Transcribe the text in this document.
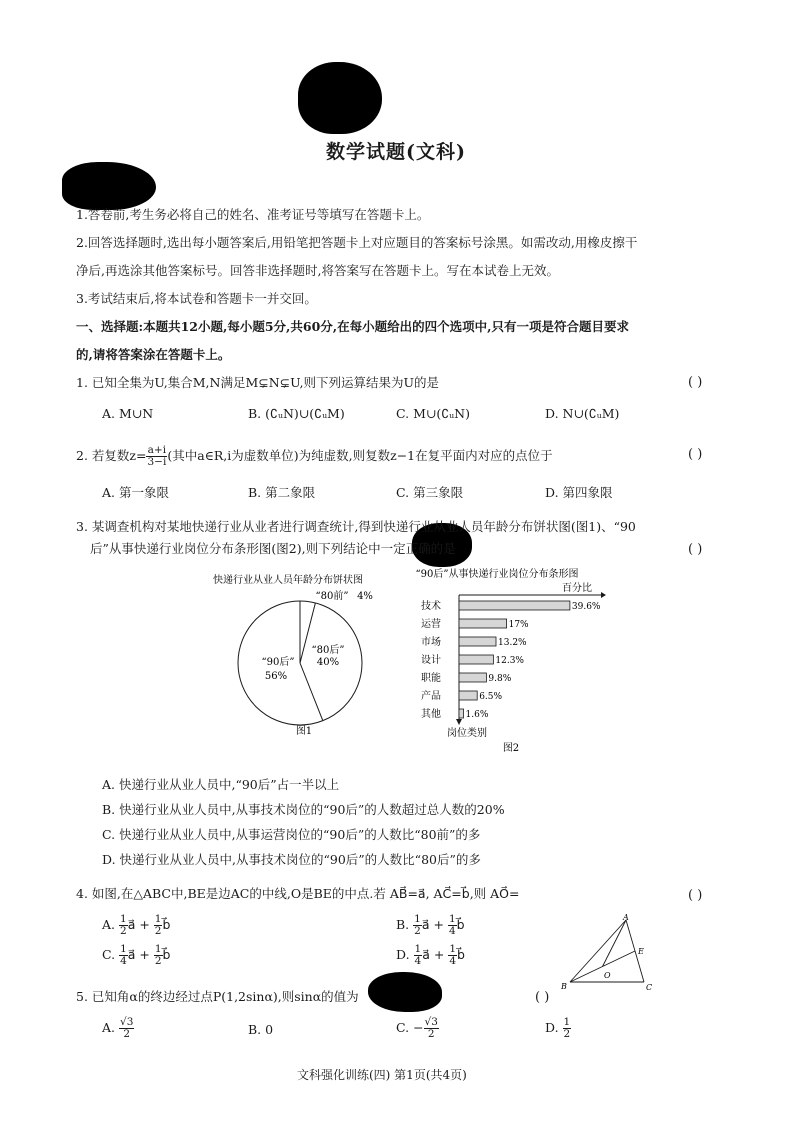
数学试题(文科)
1.答卷前,考生务必将自己的姓名、准考证号等填写在答题卡上。
2.回答选择题时,选出每小题答案后,用铅笔把答题卡上对应题目的答案标号涂黑。如需改动,用橡皮擦干
净后,再选涂其他答案标号。回答非选择题时,将答案写在答题卡上。写在本试卷上无效。
3.考试结束后,将本试卷和答题卡一并交回。
一、选择题:本题共12小题,每小题5分,共60分,在每小题给出的四个选项中,只有一项是符合题目要求
的,请将答案涂在答题卡上。
1. 已知全集为U,集合M,N满足M⊊N⊊U,则下列运算结果为U的是	( )
A. M∪N	B. (∁ᵤN)∪(∁ᵤM)	C. M∪(∁ᵤN)	D. N∪(∁ᵤM)
2. 若复数$z= \frac{a+i}{3-i}$ (其中a∈R,i为虚数单位)为纯虚数,则复数z−1在复平面内对应的点位于	( )
A. 第一象限	B. 第二象限	C. 第三象限	D. 第四象限
3. 某调查机构对某地快递行业从业者进行调查统计,得到快递行业从业人员年龄分布饼状图(图1)、“90
后”从事快递行业岗位分布条形图(图2),则下列结论中一定正确的是	( )
快递行业从业人员年龄分布饼状图
“90后”
56%
“80后”
40%
“80前” 4%
图1
“90后”从事快递行业岗位分布条形图
百分比
技术	39.6%
运营	17%
市场	13.2%
设计	12.3%
职能	9.8%
产品	6.5%
其他	1.6%
岗位类别
图2
A. 快递行业从业人员中,“90后”占一半以上
B. 快递行业从业人员中,从事技术岗位的“90后”的人数超过总人数的20%
C. 快递行业从业人员中,从事运营岗位的“90后”的人数比“80前”的多
D. 快递行业从业人员中,从事技术岗位的“90后”的人数比“80后”的多
4. 如图,在△ABC中,BE是边AC的中线,O是BE的中点.若 AB⃗=a⃗, AC⃗=b⃗,则 AO⃗=	( )
A. $\frac{1}{2}$ a⃗ + $\frac{1}{2}$ b⃗	B. $\frac{1}{2}$ a⃗ + $\frac{1}{4}$ b⃗
C. $\frac{1}{4}$ a⃗ + $\frac{1}{2}$ b⃗	D. $\frac{1}{4}$ a⃗ + $\frac{1}{4}$ b⃗
A
B	C
E
O
5. 已知角α的终边经过点P(1,2sinα),则sinα的值为	( )
A. $\frac{√3}{2}$	B. 0	C. − $\frac{√3}{2}$	D. $\frac{1}{2}$
文科强化训练(四) 第1页(共4页)
